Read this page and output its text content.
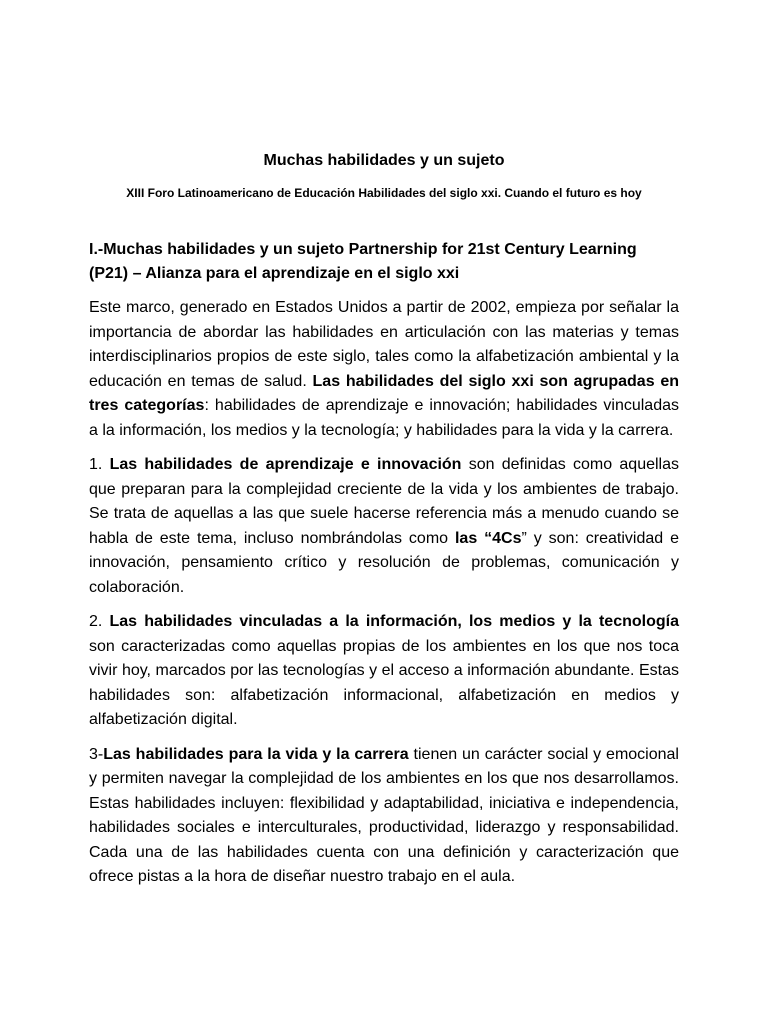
Muchas habilidades y un sujeto
XIII Foro Latinoamericano de Educación Habilidades del siglo xxi. Cuando el futuro es hoy
I.-Muchas habilidades y un sujeto Partnership for 21st Century Learning (P21) – Alianza para el aprendizaje en el siglo xxi

Este marco, generado en Estados Unidos a partir de 2002, empieza por señalar la importancia de abordar las habilidades en articulación con las materias y temas interdisciplinarios propios de este siglo, tales como la alfabetización ambiental y la educación en temas de salud. Las habilidades del siglo xxi son agrupadas en tres categorías: habilidades de aprendizaje e innovación; habilidades vinculadas a la información, los medios y la tecnología; y habilidades para la vida y la carrera.

1. Las habilidades de aprendizaje e innovación son definidas como aquellas que preparan para la complejidad creciente de la vida y los ambientes de trabajo. Se trata de aquellas a las que suele hacerse referencia más a menudo cuando se habla de este tema, incluso nombrándolas como las “4Cs” y son: creatividad e innovación, pensamiento crítico y resolución de problemas, comunicación y colaboración.

2. Las habilidades vinculadas a la información, los medios y la tecnología son caracterizadas como aquellas propias de los ambientes en los que nos toca vivir hoy, marcados por las tecnologías y el acceso a información abundante. Estas habilidades son: alfabetización informacional, alfabetización en medios y alfabetización digital.

3-Las habilidades para la vida y la carrera tienen un carácter social y emocional y permiten navegar la complejidad de los ambientes en los que nos desarrollamos. Estas habilidades incluyen: flexibilidad y adaptabilidad, iniciativa e independencia, habilidades sociales e interculturales, productividad, liderazgo y responsabilidad. Cada una de las habilidades cuenta con una definición y caracterización que ofrece pistas a la hora de diseñar nuestro trabajo en el aula.
